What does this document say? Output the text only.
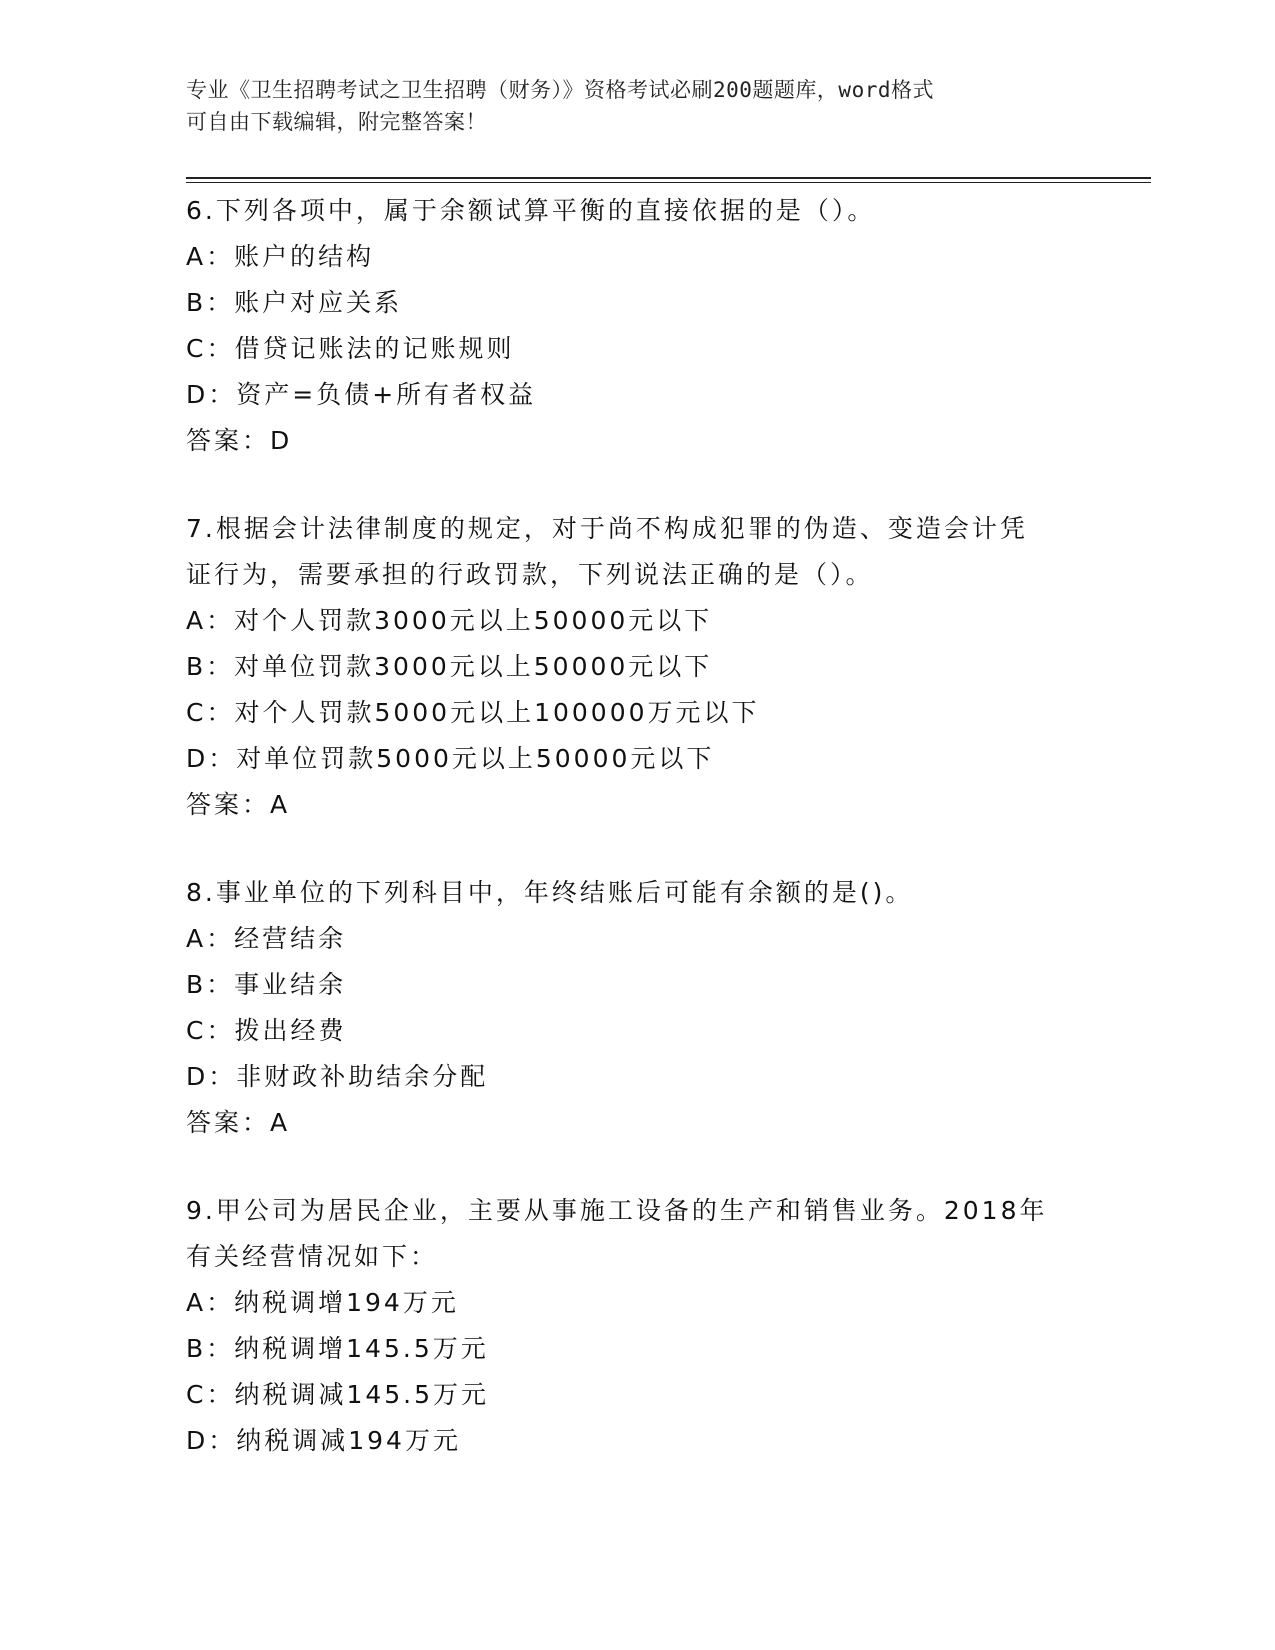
专业《卫生招聘考试之卫生招聘（财务）》资格考试必刷200题题库，word格式
可自由下载编辑，附完整答案！
6.下列各项中，属于余额试算平衡的直接依据的是（）。
A：账户的结构
B：账户对应关系
C：借贷记账法的记账规则
D：资产=负债+所有者权益
答案：D
7.根据会计法律制度的规定，对于尚不构成犯罪的伪造、变造会计凭
证行为，需要承担的行政罚款，下列说法正确的是（）。
A：对个人罚款3000元以上50000元以下
B：对单位罚款3000元以上50000元以下
C：对个人罚款5000元以上100000万元以下
D：对单位罚款5000元以上50000元以下
答案：A
8.事业单位的下列科目中，年终结账后可能有余额的是()。
A：经营结余
B：事业结余
C：拨出经费
D：非财政补助结余分配
答案：A
9.甲公司为居民企业，主要从事施工设备的生产和销售业务。2018年
有关经营情况如下：
A：纳税调增194万元
B：纳税调增145.5万元
C：纳税调减145.5万元
D：纳税调减194万元
